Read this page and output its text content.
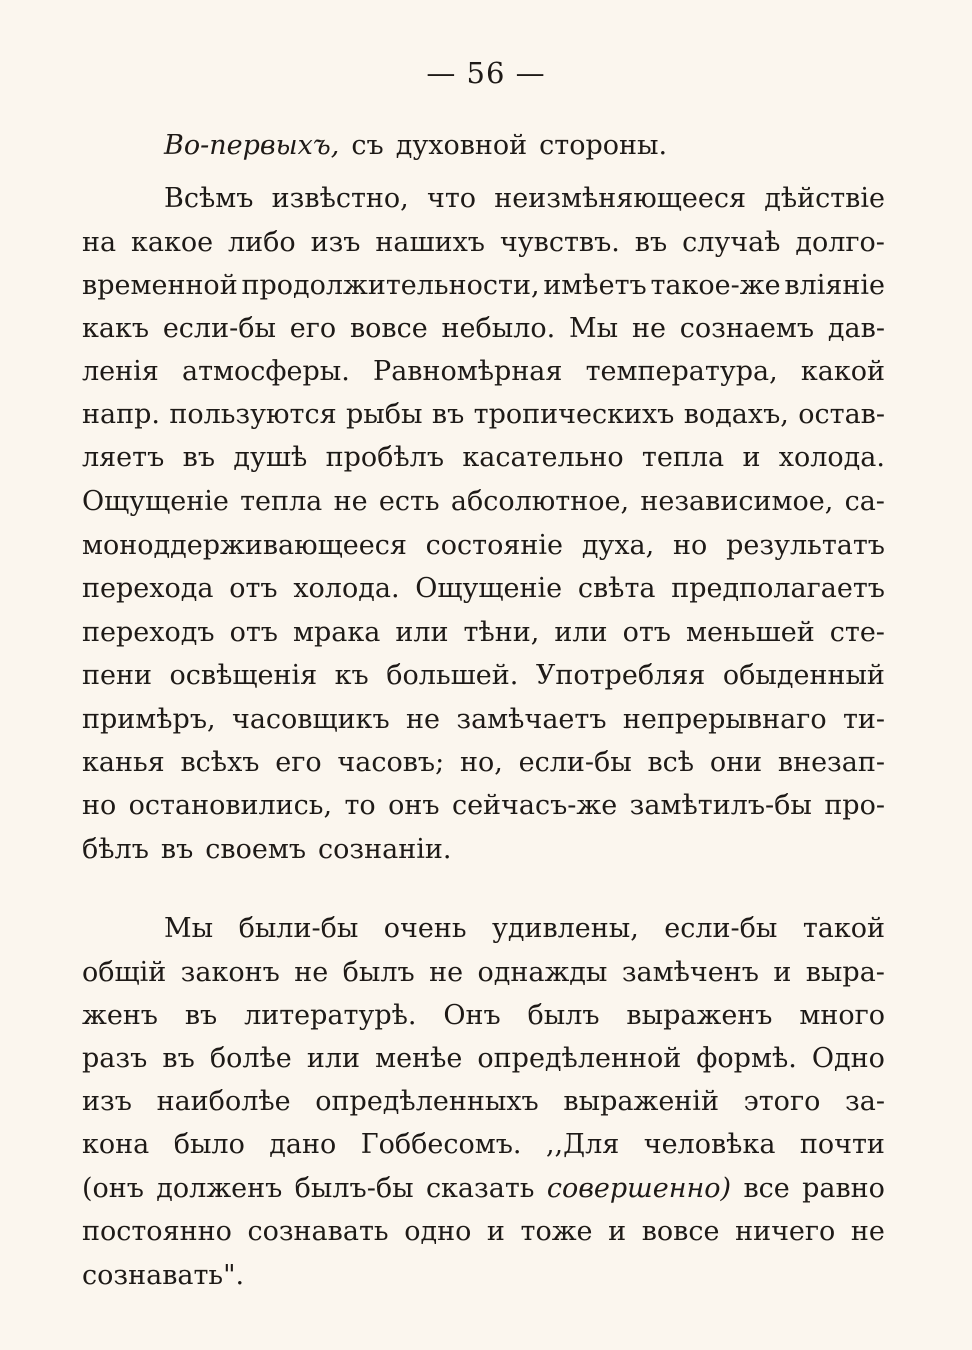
— 56 —
Во-первыхъ, съ духовной стороны.
Всѣмъ извѣстно, что неизмѣняющееся дѣйствіе
на какое либо изъ нашихъ чувствъ. въ случаѣ долго-
временной продолжительности, имѣетъ такое-же вліяніе
какъ если-бы его вовсе небыло. Мы не сознаемъ дав-
ленія атмосферы. Равномѣрная температура, какой
напр. пользуются рыбы въ тропическихъ водахъ, остав-
ляетъ въ душѣ пробѣлъ касательно тепла и холода.
Ощущеніе тепла не есть абсолютное, независимое, са-
моноддерживающееся состояніе духа, но результатъ
перехода отъ холода. Ощущеніе свѣта предполагаетъ
переходъ отъ мрака или тѣни, или отъ меньшей сте-
пени освѣщенія къ большей. Употребляя обыденный
примѣръ, часовщикъ не замѣчаетъ непрерывнаго ти-
канья всѣхъ его часовъ; но, если-бы всѣ они внезап-
но остановились, то онъ сейчасъ-же замѣтилъ-бы про-
бѣлъ въ своемъ сознаніи.
Мы были-бы очень удивлены, если-бы такой
общій законъ не былъ не однажды замѣченъ и выра-
женъ въ литературѣ. Онъ былъ выраженъ много
разъ въ болѣе или менѣе опредѣленной формѣ. Одно
изъ наиболѣе опредѣленныхъ выраженій этого за-
кона было дано Гоббесомъ. ,,Для человѣка почти
(онъ долженъ былъ-бы сказать совершенно) все равно
постоянно сознавать одно и тоже и вовсе ничего не
сознавать".
